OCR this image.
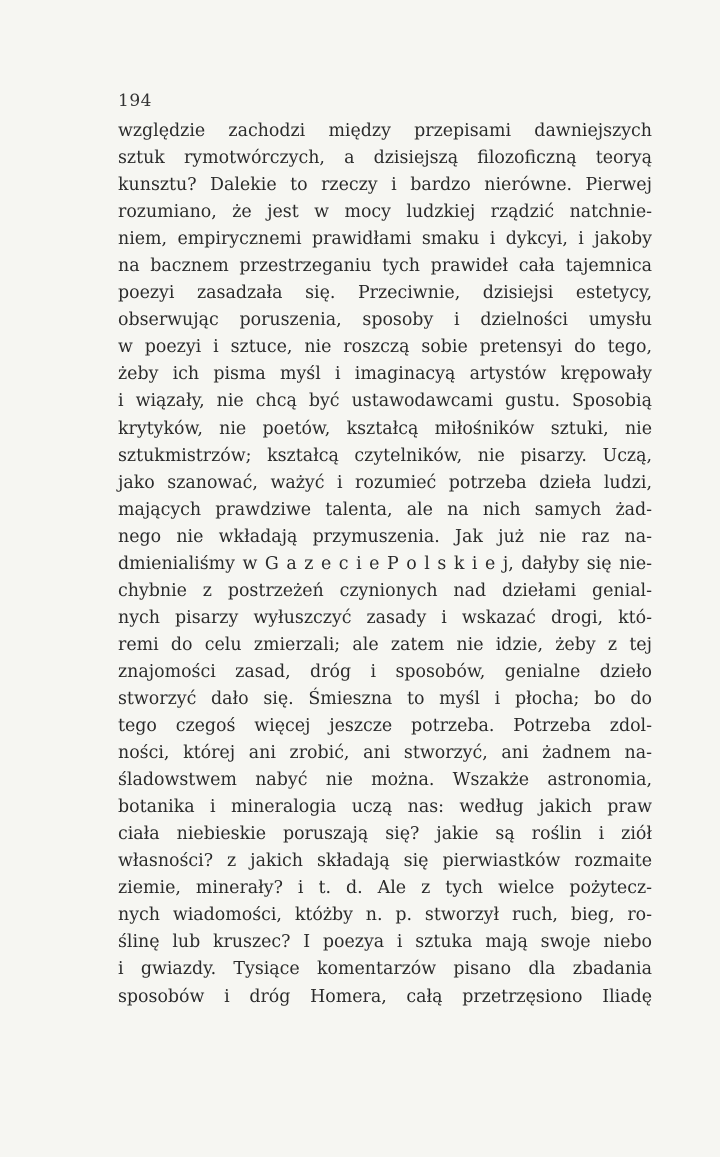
194
względzie zachodzi między przepisami dawniejszych
sztuk rymotwórczych, a dzisiejszą filozoficzną teoryą
kunsztu? Dalekie to rzeczy i bardzo nierówne. Pierwej
rozumiano, że jest w mocy ludzkiej rządzić natchnie-
niem, empirycznemi prawidłami smaku i dykcyi, i jakoby
na bacznem przestrzeganiu tych prawideł cała tajemnica
poezyi zasadzała się. Przeciwnie, dzisiejsi estetycy,
obserwując poruszenia, sposoby i dzielności umysłu
w poezyi i sztuce, nie roszczą sobie pretensyi do tego,
żeby ich pisma myśl i imaginacyą artystów krępowały
i wiązały, nie chcą być ustawodawcami gustu. Sposobią
krytyków, nie poetów, kształcą miłośników sztuki, nie
sztukmistrzów; kształcą czytelników, nie pisarzy. Uczą,
jako szanować, ważyć i rozumieć potrzeba dzieła ludzi,
mających prawdziwe talenta, ale na nich samych żad-
nego nie wkładają przymuszenia. Jak już nie raz na-
dmienialiśmy w G a z e c i e P o l s k i e j, dałyby się nie-
chybnie z postrzeżeń czynionych nad dziełami genial-
nych pisarzy wyłuszczyć zasady i wskazać drogi, któ-
remi do celu zmierzali; ale zatem nie idzie, żeby z tej
znajomości zasad, dróg i sposobów, genialne dzieło
stworzyć dało się. Śmieszna to myśl i płocha; bo do
tego czegoś więcej jeszcze potrzeba. Potrzeba zdol-
ności, której ani zrobić, ani stworzyć, ani żadnem na-
śladowstwem nabyć nie można. Wszakże astronomia,
botanika i mineralogia uczą nas: według jakich praw
ciała niebieskie poruszają się? jakie są roślin i ziół
własności? z jakich składają się pierwiastków rozmaite
ziemie, minerały? i t. d. Ale z tych wielce pożytecz-
nych wiadomości, któżby n. p. stworzył ruch, bieg, ro-
ślinę lub kruszec? I poezya i sztuka mają swoje niebo
i gwiazdy. Tysiące komentarzów pisano dla zbadania
sposobów i dróg Homera, całą przetrzęsiono Iliadę
